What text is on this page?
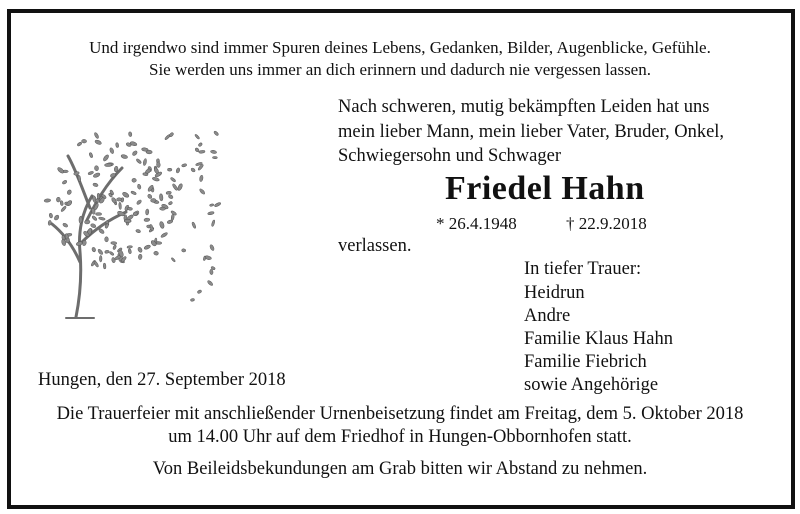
Und irgendwo sind immer Spuren deines Lebens, Gedanken, Bilder, Augenblicke, Gefühle.
Sie werden uns immer an dich erinnern und dadurch nie vergessen lassen.
Nach schweren, mutig bekämpften Leiden hat uns
mein lieber Mann, mein lieber Vater, Bruder, Onkel,
Schwiegersohn und Schwager
Friedel Hahn
* 26.4.1948	† 22.9.2018
verlassen.
In tiefer Trauer:
Heidrun
Andre
Familie Klaus Hahn
Familie Fiebrich
sowie Angehörige
Hungen, den 27. September 2018
Die Trauerfeier mit anschließender Urnenbeisetzung findet am Freitag, dem 5. Oktober 2018
um 14.00 Uhr auf dem Friedhof in Hungen-Obbornhofen statt.
Von Beileidsbekundungen am Grab bitten wir Abstand zu nehmen.
